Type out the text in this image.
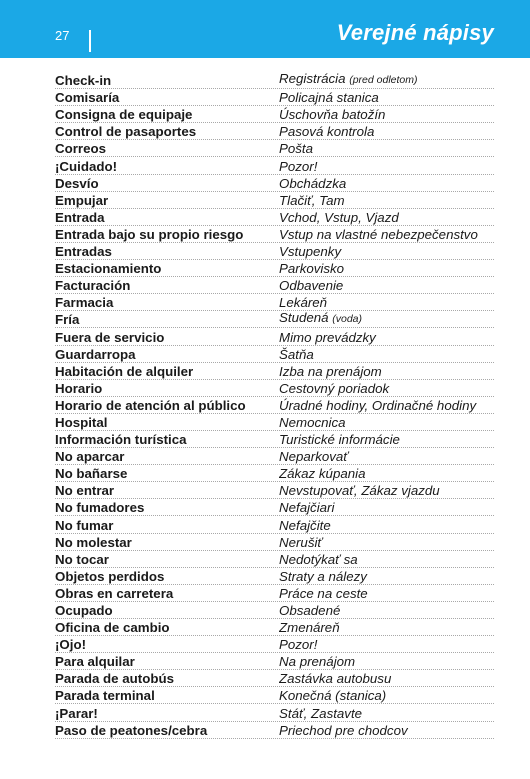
27	Verejné nápisy
Check-in	Registrácia (pred odletom)
Comisaría	Policajná stanica
Consigna de equipaje	Úschovňa batožín
Control de pasaportes	Pasová kontrola
Correos	Pošta
¡Cuidado!	Pozor!
Desvío	Obchádzka
Empujar	Tlačiť, Tam
Entrada	Vchod, Vstup, Vjazd
Entrada bajo su propio riesgo	Vstup na vlastné nebezpečenstvo
Entradas	Vstupenky
Estacionamiento	Parkovisko
Facturación	Odbavenie
Farmacia	Lekáreň
Fría	Studená (voda)
Fuera de servicio	Mimo prevádzky
Guardarropa	Šatňa
Habitación de alquiler	Izba na prenájom
Horario	Cestovný poriadok
Horario de atención al público	Úradné hodiny, Ordinačné hodiny
Hospital	Nemocnica
Información turística	Turistické informácie
No aparcar	Neparkovať
No bañarse	Zákaz kúpania
No entrar	Nevstupovať, Zákaz vjazdu
No fumadores	Nefajčiari
No fumar	Nefajčite
No molestar	Nerušiť
No tocar	Nedotýkať sa
Objetos perdidos	Straty a nálezy
Obras en carretera	Práce na ceste
Ocupado	Obsadené
Oficina de cambio	Zmenáreň
¡Ojo!	Pozor!
Para alquilar	Na prenájom
Parada de autobús	Zastávka autobusu
Parada terminal	Konečná (stanica)
¡Parar!	Stáť, Zastavte
Paso de peatones/cebra	Priechod pre chodcov
